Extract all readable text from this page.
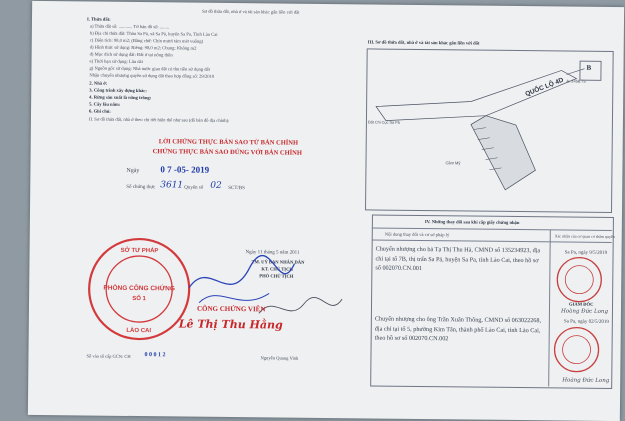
Sơ đồ thửa đất, nhà ở và tài sản khác gắn liền với đất
I. Thửa đất:
a) Thửa đất số: ............ Tờ bản đồ số: ........
b) Địa chỉ thửa đất: Thôn Sa Pả, xã Sa Pả, huyện Sa Pa, Tỉnh Lào Cai
c) Diện tích: 98,0 m2; (Bằng chữ: Chín mươi tám mét vuông)
d) Hình thức sử dụng: Riêng: 98,0 m2; Chung: Không m2
đ) Mục đích sử dụng đất: Đất ở tại nông thôn
e) Thời hạn sử dụng: Lâu dài
g) Nguồn gốc sử dụng: Nhà nước giao đất có thu tiền sử dụng đất
Nhận chuyển nhượng quyền sử dụng đất theo hợp đồng số: 29/2010
2. Nhà ở:
3. Công trình xây dựng khác:
4. Rừng sản xuất là rừng trồng:
5. Cây lâu năm:
6. Ghi chú:
II. Sơ đồ thửa đất, nhà ở theo chi tiết hiện thể như sau (đồ bản đồ địa chính):
LỜI CHỨNG THỰC BẢN SAO TỪ BẢN CHÍNH
CHỨNG THỰC BẢN SAO ĐÚNG VỚI BẢN CHÍNH
Ngày 0 7 -05- 2019
Số chứng thực 3611 Quyển số 02 SCT/BS
Ngày 11 tháng 5 năm 2011
TM. UỶ BAN NHÂN DÂN
KT. CHỦ TỊCH
PHÓ CHỦ TỊCH
Nguyễn Quang Vinh
SỞ TƯ PHÁP
PHÒNG CÔNG CHỨNG
SỐ 1
LÀO CAI
CÔNG CHỨNG VIÊN
Lê Thị Thu Hằng
Số vào sổ cấp GCN: CH 0 0 0 1 2
III. Sơ đồ thửa đất, nhà ở và tài sản khác gắn liền với đất
QUỐC LỘ 4D A: 2458.75
Đất Chi Cục Sa Pả
Cầm Mỹ
B
IV. Những thay đổi sau khi cấp giấy chứng nhận
Nội dung thay đổi và cơ sở pháp lý	Xác nhận của cơ quan có thẩm quyền
Chuyển nhượng cho bà Tạ Thị Thu Hà, CMND số 135234923, địa chỉ tại tổ 7B, thị trấn Sa Pả, huyện Sa Pa, tỉnh Lào Cai, theo hồ sơ số 002070.CN.001
Sa Pa, ngày 9/5/2019
Chuyển nhượng cho ông Trần Xuân Thông, CMND số 063022268, địa chỉ tại tổ 5, phường Kim Tân, thành phố Lào Cai, tỉnh Lào Cai, theo hồ sơ số 002070.CN.002
Sa Pa, ngày 02/5/2019
GIÁM ĐỐC
Hoàng Đức Long
Hoàng Đức Long
